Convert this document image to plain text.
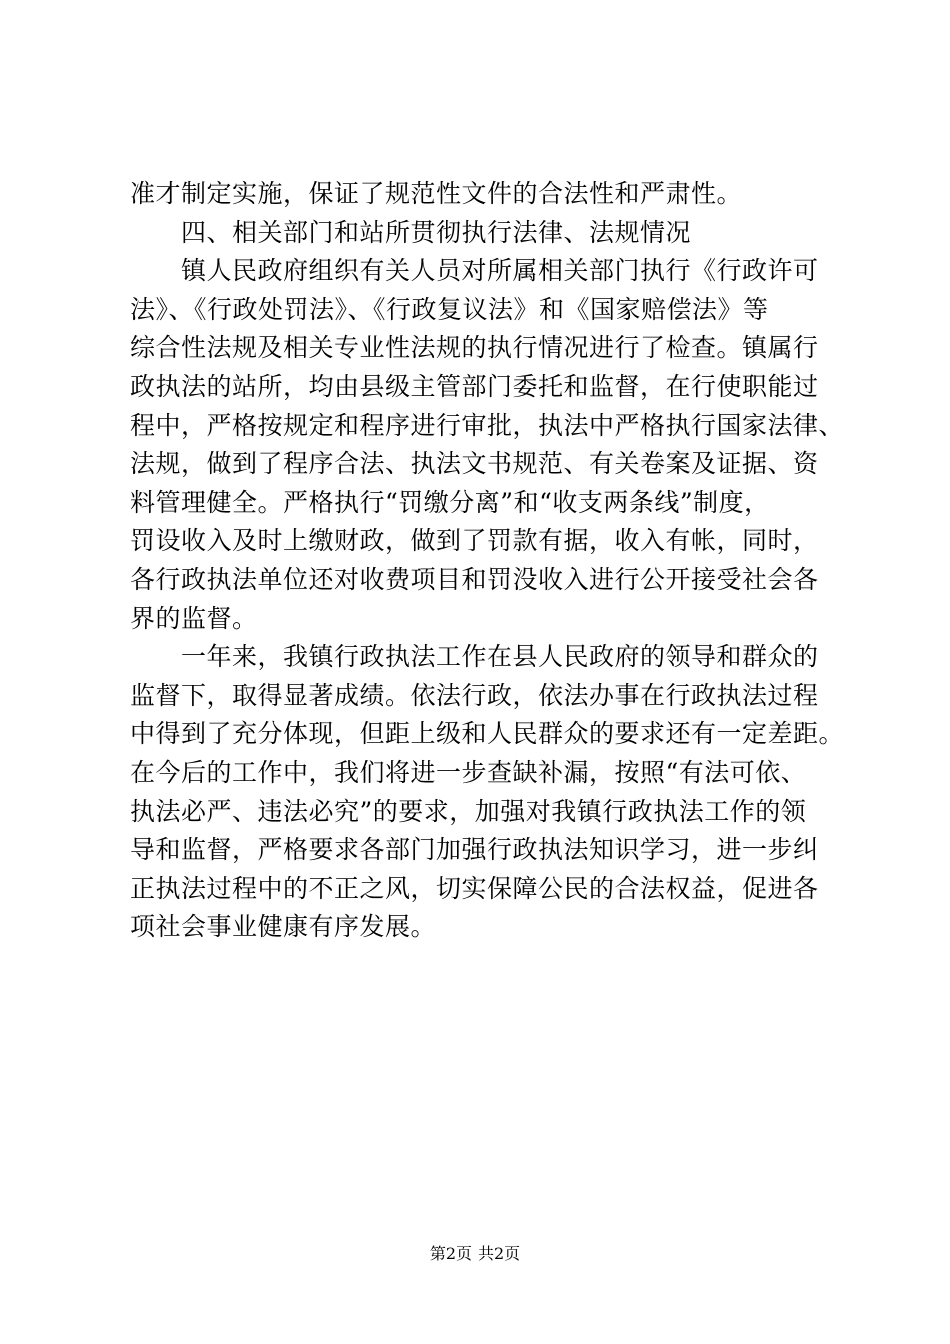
准才制定实施，保证了规范性文件的合法性和严肃性。
四、相关部门和站所贯彻执行法律、法规情况
镇人民政府组织有关人员对所属相关部门执行《行政许可
法》、《行政处罚法》、《行政复议法》和《国家赔偿法》等
综合性法规及相关专业性法规的执行情况进行了检查。镇属行
政执法的站所，均由县级主管部门委托和监督，在行使职能过
程中，严格按规定和程序进行审批，执法中严格执行国家法律、
法规，做到了程序合法、执法文书规范、有关卷案及证据、资
料管理健全。严格执行“罚缴分离”和“收支两条线”制度，
罚设收入及时上缴财政，做到了罚款有据，收入有帐，同时，
各行政执法单位还对收费项目和罚没收入进行公开接受社会各
界的监督。
一年来，我镇行政执法工作在县人民政府的领导和群众的
监督下，取得显著成绩。依法行政，依法办事在行政执法过程
中得到了充分体现，但距上级和人民群众的要求还有一定差距。
在今后的工作中，我们将进一步查缺补漏，按照“有法可依、
执法必严、违法必究”的要求，加强对我镇行政执法工作的领
导和监督，严格要求各部门加强行政执法知识学习，进一步纠
正执法过程中的不正之风，切实保障公民的合法权益，促进各
项社会事业健康有序发展。
第2页 共2页
